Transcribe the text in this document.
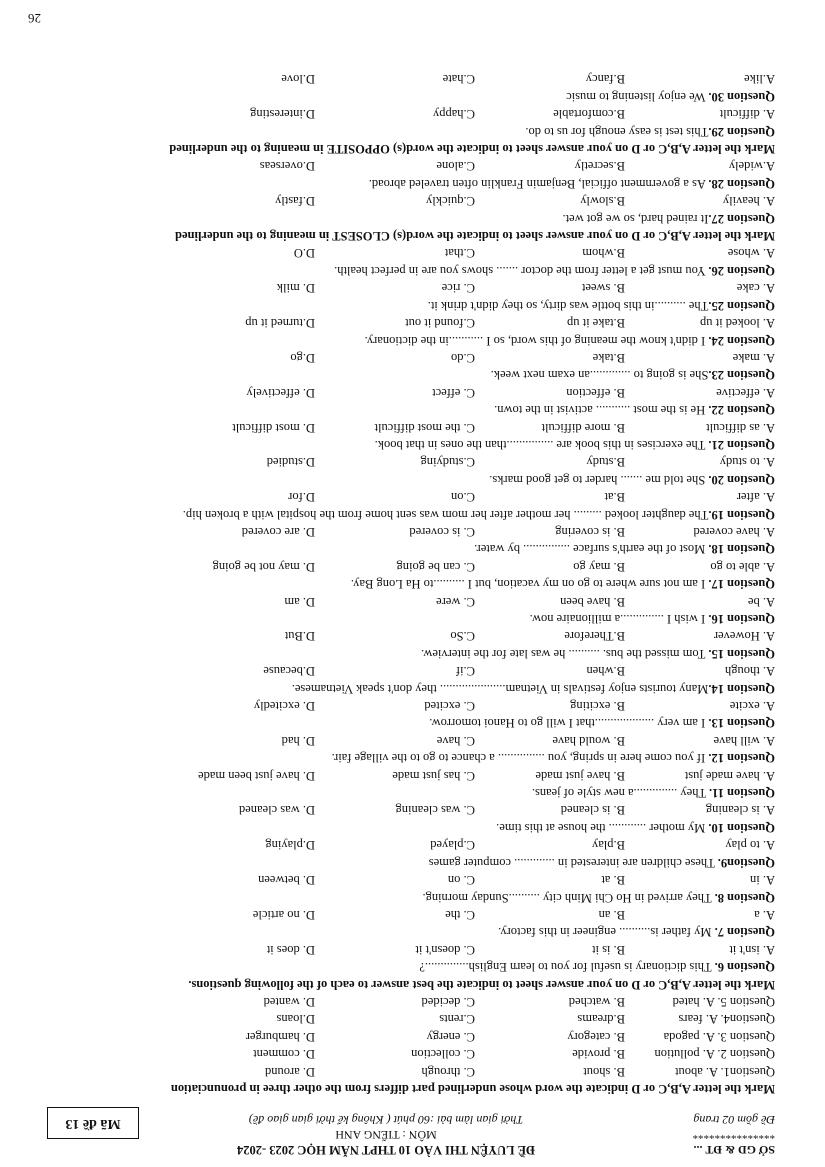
SỞ GD & ĐT ...
***************
Đề gồm 02 trang
ĐỀ LUYỆN THI VÀO 10 THPT NĂM HỌC 2023 -2024
MÔN : TIẾNG ANH
Thời gian làm bài :60 phút ( Không kể thời gian giao đề)
Mã đề 13
Mark the letter A,B,C or D indicate the word whose underlined part differs from the other three in pronunciation
Question1. A. about
B. shout
C. through
D. around
Question 2. A. pollution
B. provide
C. collection
D. comment
Question 3. A. pagoda
B. category
C. energy
D. hamburger
Question4. A. fears
B.dreams
C.rents
D.loans
Question 5. A. hated
B. watched
C. decided
D. wanted
Mark the letter A,B,C or D on your answer sheet to indicate the best answer to each of the following questions.
Question 6. This dictionary is useful for you to learn English..............?
A. isn't it
B. is it
C. doesn't it
D. does it
Question 7. My father is.......... engineer in this factory.
A. a
B. an
C. the
D. no article
Question 8. They arrived in Ho Chi Minh city ..........Sunday morning.
A. in
B. at
C. on
D. between
Question9. These children are interested in ............. computer games
A. to play
B.play
C.played
D.playing
Question 10. My mother ............ the house at this time.
A. is cleaning
B. is cleaned
C. was cleaning
D. was cleaned
Question 11. They ..............a new style of jeans.
A. have made just
B. have just made
C. has just made
D. have just been made
Question 12. If you come here in spring, you ............... a chance to go to the village fair.
A. will have
B. would have
C. have
D. had
Question 13. I am very ...................that I will go to Hanoi tomorrow.
A. excite
B. exciting
C. excited
D. excitedly
Question 14.Many tourists enjoy festivals in Vietnam..................... they don't speak Vietnamese.
A. though
B.when
C.if
D.because
Question 15. Tom missed the bus. .......... he was late for the interview.
A. However
B.Therefore
C.So
D.But
Question 16. I wish I ..............a millionaire now.
A. be
B. have been
C. were
D. am
Question 17. I am not sure where to go on my vacation, but I ..........to Ha Long Bay.
A. able to go
B. may go
C. can be going
D. may not be going
Question 18. Most of the earth's surface ............... by water.
A. have covered
B. is covering
C. is covered
D. are covered
Question 19.The daughter looked ......... her mother after her mom was sent home from the hospital with a broken hip.
A. after
B.at
C.on
D.for
Question 20. She told me ....... harder to get good marks.
A. to study
B.study
C.studying
D.studied
Question 21. The exercises in this book are ...............than the ones in that book.
A. as difficult
B. more difficult
C. the most difficult
D. most difficult
Question 22. He is the most ........... activist in the town.
A. effective
B. effection
C. effect
D. effectively
Question 23.She is going to .............an exam next week.
A. make
B.take
C.do
D.go
Question 24. I didn't know the meaning of this word, so I ...........in the dictionary.
A. looked it up
B.take it up
C.found it out
D.turned it up
Question 25.The ..........in this bottle was dirty, so they didn't drink it.
A. cake
B. sweet
C. rice
D. milk
Question 26. You must get a letter from the doctor ....... shows you are in perfect health.
A. whose
B.whom
C.that
D.O
Mark the letter A,B,C or D on your answer sheet to indicate the word(s) CLOSEST in meaning to the underlined
Question 27.It rained hard, so we got wet.
A. heavily
B.slowly
C.quickly
D.fastly
Question 28. As a government official, Benjamin Franklin often traveled abroad.
A.widely
B.secretly
C.alone
D.overseas
Mark the letter A,B,C or D on your answer sheet to indicate the word(s) OPPOSITE in meaning to the underlined
Question 29.This test is easy enough for us to do.
A. difficult
B.comfortable
C.happy
D.interesting
Question 30. We enjoy listening to music
A.like
B.fancy
C.hate
D.love
26
